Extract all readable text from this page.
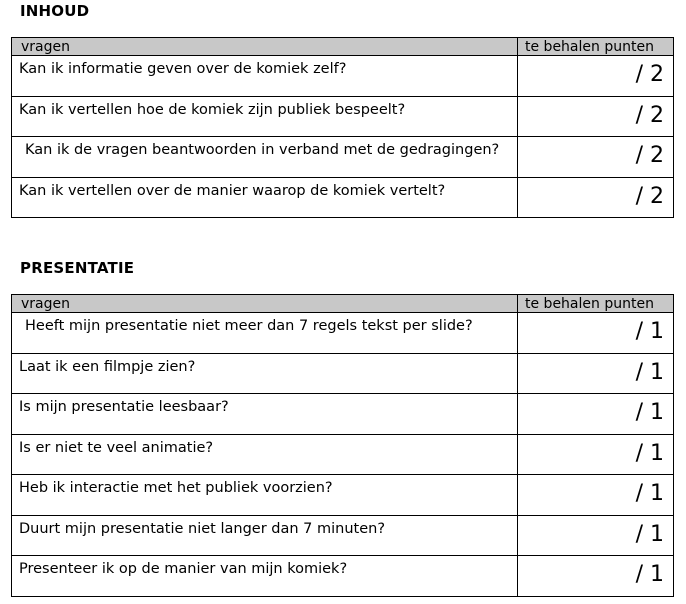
INHOUD
vragen	te behalen punten
Kan ik informatie geven over de komiek zelf?	/ 2
Kan ik vertellen hoe de komiek zijn publiek bespeelt?	/ 2
Kan ik de vragen beantwoorden in verband met de gedragingen?	/ 2
Kan ik vertellen over de manier waarop de komiek vertelt?	/ 2
PRESENTATIE
vragen	te behalen punten
Heeft mijn presentatie niet meer dan 7 regels tekst per slide?	/ 1
Laat ik een filmpje zien?	/ 1
Is mijn presentatie leesbaar?	/ 1
Is er niet te veel animatie?	/ 1
Heb ik interactie met het publiek voorzien?	/ 1
Duurt mijn presentatie niet langer dan 7 minuten?	/ 1
Presenteer ik op de manier van mijn komiek?	/ 1
